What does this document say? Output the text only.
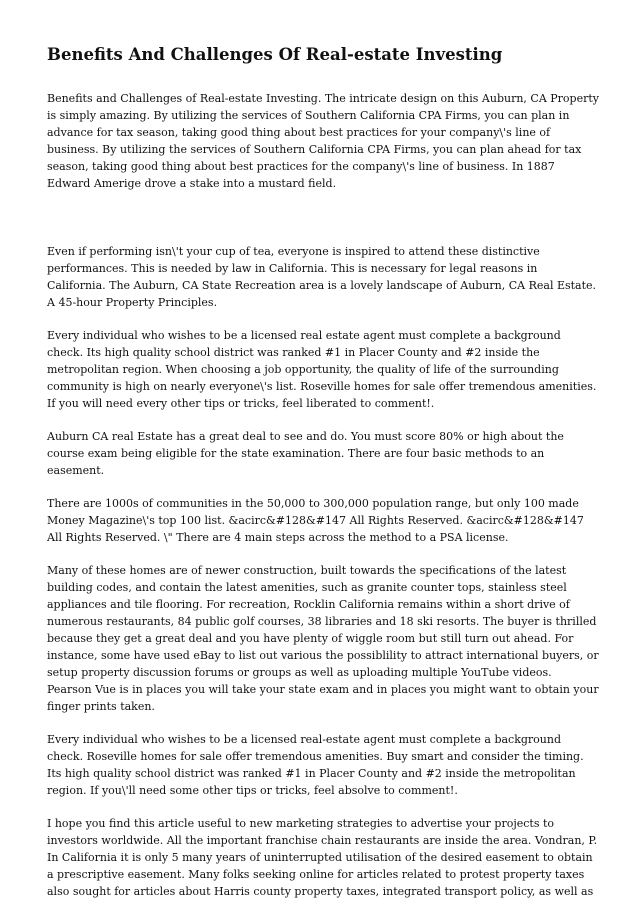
Benefits And Challenges Of Real-estate Investing

Benefits and Challenges of Real-estate Investing. The intricate design on this Auburn, CA Property is simply amazing. By utilizing the services of Southern California CPA Firms, you can plan in advance for tax season, taking good thing about best practices for your company\'s line of business. By utilizing the services of Southern California CPA Firms, you can plan ahead for tax season, taking good thing about best practices for the company\'s line of business. In 1887 Edward Amerige drove a stake into a mustard field.

Even if performing isn\'t your cup of tea, everyone is inspired to attend these distinctive performances. This is needed by law in California. This is necessary for legal reasons in California. The Auburn, CA State Recreation area is a lovely landscape of Auburn, CA Real Estate. A 45-hour Property Principles.

Every individual who wishes to be a licensed real estate agent must complete a background check. Its high quality school district was ranked #1 in Placer County and #2 inside the metropolitan region. When choosing a job opportunity, the quality of life of the surrounding community is high on nearly everyone\'s list. Roseville homes for sale offer tremendous amenities. If you will need every other tips or tricks, feel liberated to comment!.

Auburn CA real Estate has a great deal to see and do. You must score 80% or high about the course exam being eligible for the state examination. There are four basic methods to an easement.

There are 1000s of communities in the 50,000 to 300,000 population range, but only 100 made Money Magazine\'s top 100 list. &acirc&#128&#147 All Rights Reserved. &acirc&#128&#147 All Rights Reserved. \" There are 4 main steps across the method to a PSA license.

Many of these homes are of newer construction, built towards the specifications of the latest building codes, and contain the latest amenities, such as granite counter tops, stainless steel appliances and tile flooring. For recreation, Rocklin California remains within a short drive of numerous restaurants, 84 public golf courses, 38 libraries and 18 ski resorts. The buyer is thrilled because they get a great deal and you have plenty of wiggle room but still turn out ahead. For instance, some have used eBay to list out various the possiblility to attract international buyers, or setup property discussion forums or groups as well as uploading multiple YouTube videos. Pearson Vue is in places you will take your state exam and in places you might want to obtain your finger prints taken.

Every individual who wishes to be a licensed real-estate agent must complete a background check. Roseville homes for sale offer tremendous amenities. Buy smart and consider the timing. Its high quality school district was ranked #1 in Placer County and #2 inside the metropolitan region. If you\'ll need some other tips or tricks, feel absolve to comment!.

I hope you find this article useful to new marketing strategies to advertise your projects to investors worldwide. All the important franchise chain restaurants are inside the area. Vondran, P. In California it is only 5 many years of uninterrupted utilisation of the desired easement to obtain a prescriptive easement. Many folks seeking online for articles related to protest property taxes also sought for articles about Harris county property taxes, integrated transport policy, as well as
